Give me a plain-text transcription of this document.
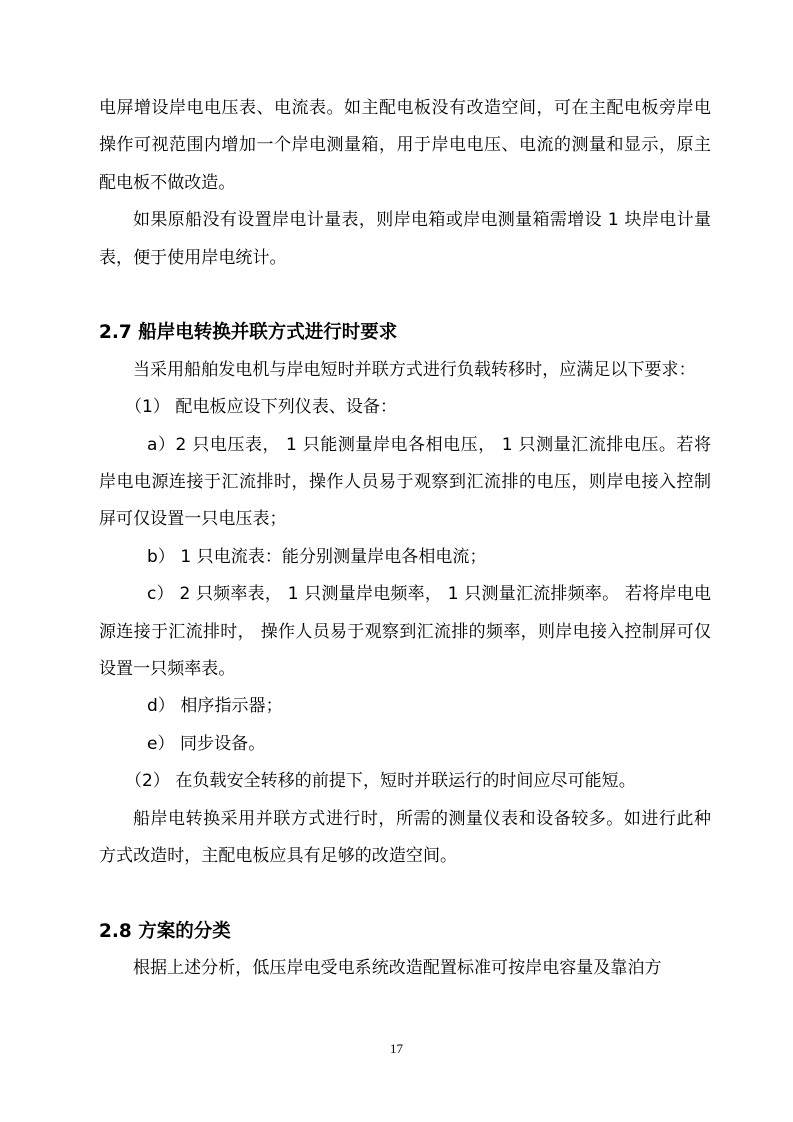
电屏增设岸电电压表、电流表。如主配电板没有改造空间，可在主配电板旁岸电操作可视范围内增加一个岸电测量箱，用于岸电电压、电流的测量和显示，原主配电板不做改造。

如果原船没有设置岸电计量表，则岸电箱或岸电测量箱需增设 1 块岸电计量表，便于使用岸电统计。

2.7 船岸电转换并联方式进行时要求

当采用船舶发电机与岸电短时并联方式进行负载转移时，应满足以下要求：

（1） 配电板应设下列仪表、设备：

a）2 只电压表， 1 只能测量岸电各相电压， 1 只测量汇流排电压。若将岸电电源连接于汇流排时，操作人员易于观察到汇流排的电压，则岸电接入控制屏可仅设置一只电压表；

b） 1 只电流表：能分别测量岸电各相电流；

c） 2 只频率表， 1 只测量岸电频率， 1 只测量汇流排频率。 若将岸电电源连接于汇流排时， 操作人员易于观察到汇流排的频率，则岸电接入控制屏可仅设置一只频率表。

d） 相序指示器；

e） 同步设备。

（2） 在负载安全转移的前提下，短时并联运行的时间应尽可能短。

船岸电转换采用并联方式进行时，所需的测量仪表和设备较多。如进行此种方式改造时，主配电板应具有足够的改造空间。

2.8 方案的分类

根据上述分析，低压岸电受电系统改造配置标准可按岸电容量及靠泊方

17
